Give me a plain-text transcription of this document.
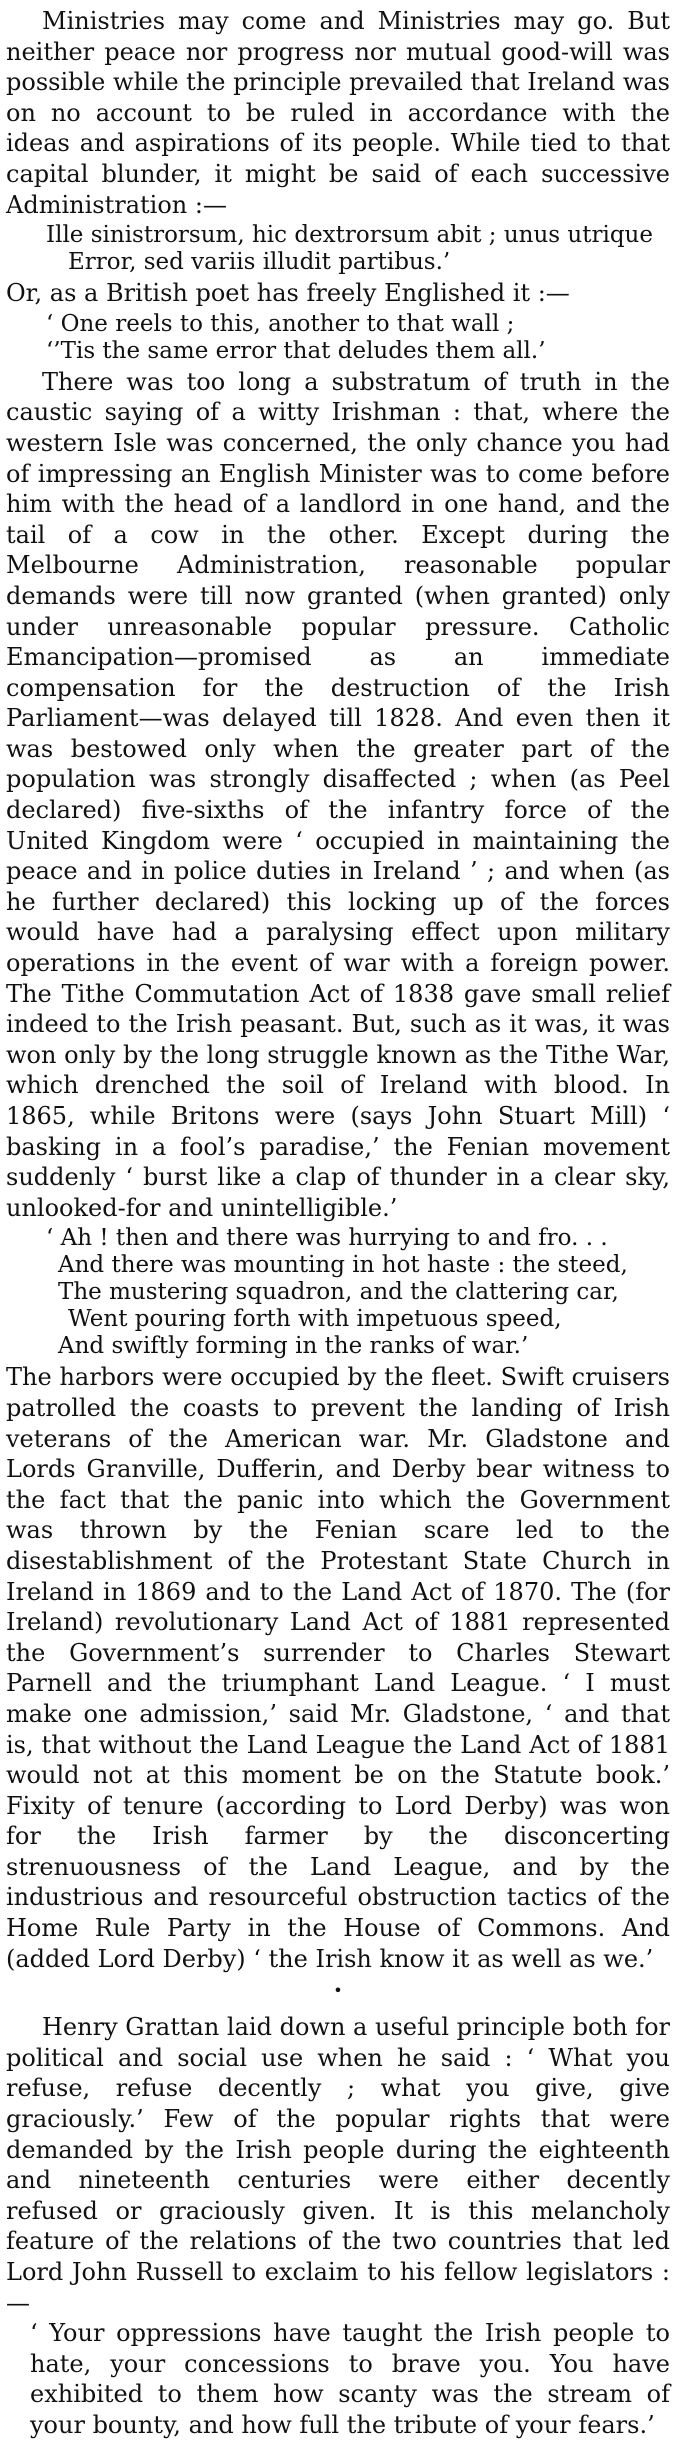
Ministries may come and Ministries may go. But neither peace nor progress nor mutual good-will was possible while the principle prevailed that Ireland was on no account to be ruled in accordance with the ideas and aspirations of its people. While tied to that capital blunder, it might be said of each successive Administration :—

Ille sinistrorsum, hic dextrorsum abit ; unus utrique
Error, sed variis illudit partibus.’

Or, as a British poet has freely Englished it :—

‘ One reels to this, another to that wall ;
‘’Tis the same error that deludes them all.’

There was too long a substratum of truth in the caustic saying of a witty Irishman : that, where the western Isle was concerned, the only chance you had of impressing an English Minister was to come before him with the head of a landlord in one hand, and the tail of a cow in the other. Except during the Melbourne Administration, reasonable popular demands were till now granted (when granted) only under unreasonable popular pressure. Catholic Emancipation—promised as an immediate compensation for the destruction of the Irish Parliament—was delayed till 1828. And even then it was bestowed only when the greater part of the population was strongly disaffected ; when (as Peel declared) five-sixths of the infantry force of the United Kingdom were ‘ occupied in maintaining the peace and in police duties in Ireland ’ ; and when (as he further declared) this locking up of the forces would have had a paralysing effect upon military operations in the event of war with a foreign power. The Tithe Commutation Act of 1838 gave small relief indeed to the Irish peasant. But, such as it was, it was won only by the long struggle known as the Tithe War, which drenched the soil of Ireland with blood. In 1865, while Britons were (says John Stuart Mill) ‘ basking in a fool’s paradise,’ the Fenian movement suddenly ‘ burst like a clap of thunder in a clear sky, unlooked-for and unintelligible.’

‘ Ah ! then and there was hurrying to and fro. . .
And there was mounting in hot haste : the steed,
The mustering squadron, and the clattering car,
Went pouring forth with impetuous speed,
And swiftly forming in the ranks of war.’

The harbors were occupied by the fleet. Swift cruisers patrolled the coasts to prevent the landing of Irish veterans of the American war. Mr. Gladstone and Lords Granville, Dufferin, and Derby bear witness to the fact that the panic into which the Government was thrown by the Fenian scare led to the disestablishment of the Protestant State Church in Ireland in 1869 and to the Land Act of 1870. The (for Ireland) revolutionary Land Act of 1881 represented the Government’s surrender to Charles Stewart Parnell and the triumphant Land League. ‘ I must make one admission,’ said Mr. Gladstone, ‘ and that is, that without the Land League the Land Act of 1881 would not at this moment be on the Statute book.’ Fixity of tenure (according to Lord Derby) was won for the Irish farmer by the disconcerting strenuousness of the Land League, and by the industrious and resourceful obstruction tactics of the Home Rule Party in the House of Commons. And (added Lord Derby) ‘ the Irish know it as well as we.’

•

Henry Grattan laid down a useful principle both for political and social use when he said : ‘ What you refuse, refuse decently ; what you give, give graciously.’ Few of the popular rights that were demanded by the Irish people during the eighteenth and nineteenth centuries were either decently refused or graciously given. It is this melancholy feature of the relations of the two countries that led Lord John Russell to exclaim to his fellow legislators :—

‘ Your oppressions have taught the Irish people to hate, your concessions to brave you. You have exhibited to them how scanty was the stream of your bounty, and how full the tribute of your fears.’
